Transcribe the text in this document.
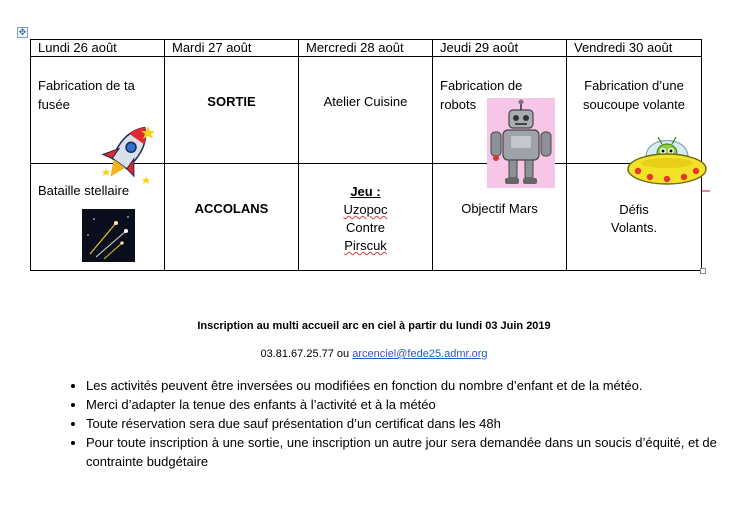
✥
Lundi 26 août	Mardi 27 août	Mercredi 28 août	Jeudi 29 août	Vendredi 30 août

Fabrication de ta fusée	SORTIE	Atelier Cuisine	Fabrication de robots	Fabrication d’une soucoupe volante

Bataille stellaire	ACCOLANS	Jeu :
Uzopoc
Contre
Pirscuk	Objectif Mars	Défis
Volants.
Inscription au multi accueil arc en ciel à partir du lundi 03 Juin 2019
03.81.67.25.77 ou arcenciel@fede25.admr.org
• Les activités peuvent être inversées ou modifiées en fonction du nombre d’enfant et de la météo.
• Merci d’adapter la tenue des enfants à l’activité et à la météo
• Toute réservation sera due sauf présentation d’un certificat dans les 48h
• Pour toute inscription à une sortie, une inscription un autre jour sera demandée dans un soucis d’équité, et de contrainte budgétaire
